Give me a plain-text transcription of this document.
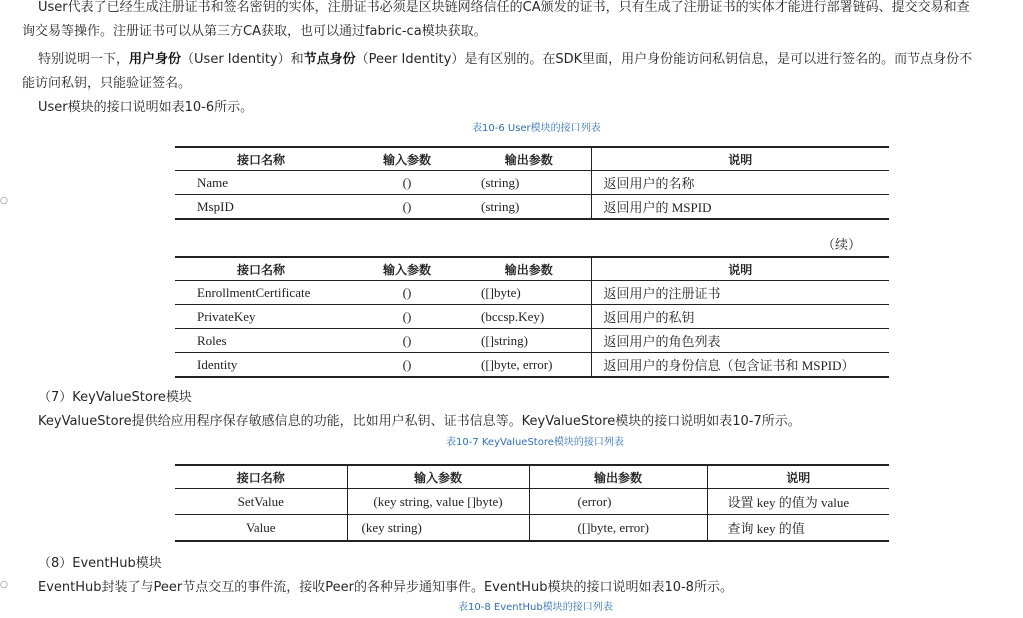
User代表了已经生成注册证书和签名密钥的实体，注册证书必须是区块链网络信任的CA颁发的证书，只有生成了注册证书的实体才能进行部署链码、提交交易和查
询交易等操作。注册证书可以从第三方CA获取，也可以通过fabric-ca模块获取。
特别说明一下，用户身份（User Identity）和节点身份（Peer Identity）是有区别的。在SDK里面，用户身份能访问私钥信息，是可以进行签名的。而节点身份不
能访问私钥，只能验证签名。
User模块的接口说明如表10-6所示。
表10-6 User模块的接口列表
○
接口名称	输入参数	输出参数	说明
Name	()	(string)	返回用户的名称
MspID	()	(string)	返回用户的 MSPID
（续）
接口名称	输入参数	输出参数	说明
EnrollmentCertificate	()	([]byte)	返回用户的注册证书
PrivateKey	()	(bccsp.Key)	返回用户的私钥
Roles	()	([]string)	返回用户的角色列表
Identity	()	([]byte, error)	返回用户的身份信息（包含证书和 MSPID）
（7）KeyValueStore模块
KeyValueStore提供给应用程序保存敏感信息的功能，比如用户私钥、证书信息等。KeyValueStore模块的接口说明如表10-7所示。
表10-7 KeyValueStore模块的接口列表
接口名称	输入参数	输出参数	说明
SetValue	(key string, value []byte)	(error)	设置 key 的值为 value
Value	(key string)	([]byte, error)	查询 key 的值
（8）EventHub模块
○ EventHub封装了与Peer节点交互的事件流，接收Peer的各种异步通知事件。EventHub模块的接口说明如表10-8所示。
表10-8 EventHub模块的接口列表
